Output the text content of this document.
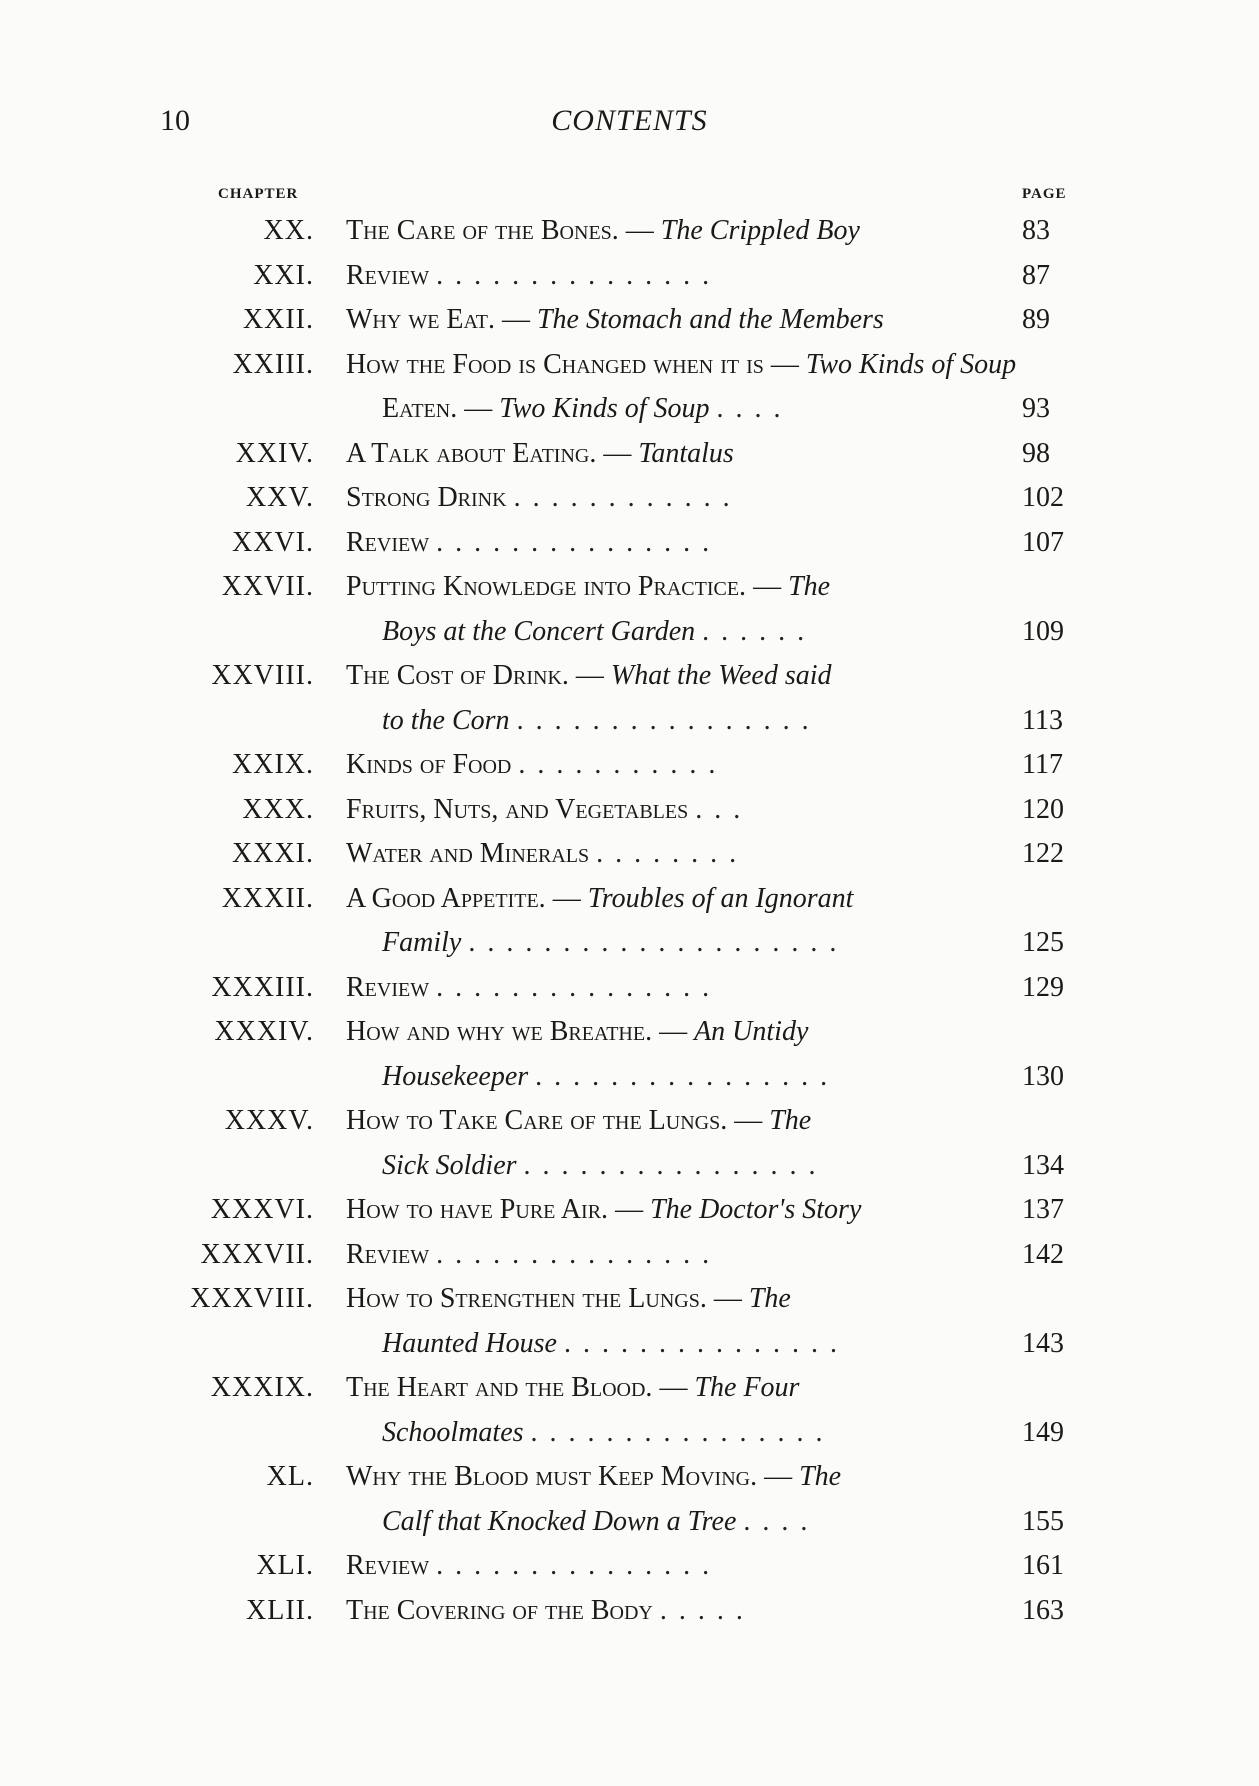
10	CONTENTS
CHAPTER	PAGE
XX. The Care of the Bones. — The Crippled Boy	83
XXI. Review ...............	87
XXII. Why we Eat. — The Stomach and the Members	89
XXIII. How the Food is Changed when it is — Two Kinds of Soup
Eaten. — Two Kinds of Soup ....	93
XXIV. A Talk about Eating. — Tantalus	98
XXV. Strong Drink ............	102
XXVI. Review ...............	107
XXVII. Putting Knowledge into Practice. — The
Boys at the Concert Garden ......	109
XXVIII. The Cost of Drink. — What the Weed said
to the Corn ................	113
XXIX. Kinds of Food ...........	117
XXX. Fruits, Nuts, and Vegetables ...	120
XXXI. Water and Minerals ........	122
XXXII. A Good Appetite. — Troubles of an Ignorant
Family ....................	125
XXXIII. Review ...............	129
XXXIV. How and why we Breathe. — An Untidy
Housekeeper ................	130
XXXV. How to Take Care of the Lungs. — The
Sick Soldier ................	134
XXXVI. How to have Pure Air. — The Doctor's Story	137
XXXVII. Review ...............	142
XXXVIII. How to Strengthen the Lungs. — The
Haunted House ...............	143
XXXIX. The Heart and the Blood. — The Four
Schoolmates ................	149
XL. Why the Blood must Keep Moving. — The
Calf that Knocked Down a Tree ....	155
XLI. Review ...............	161
XLII. The Covering of the Body .....	163
